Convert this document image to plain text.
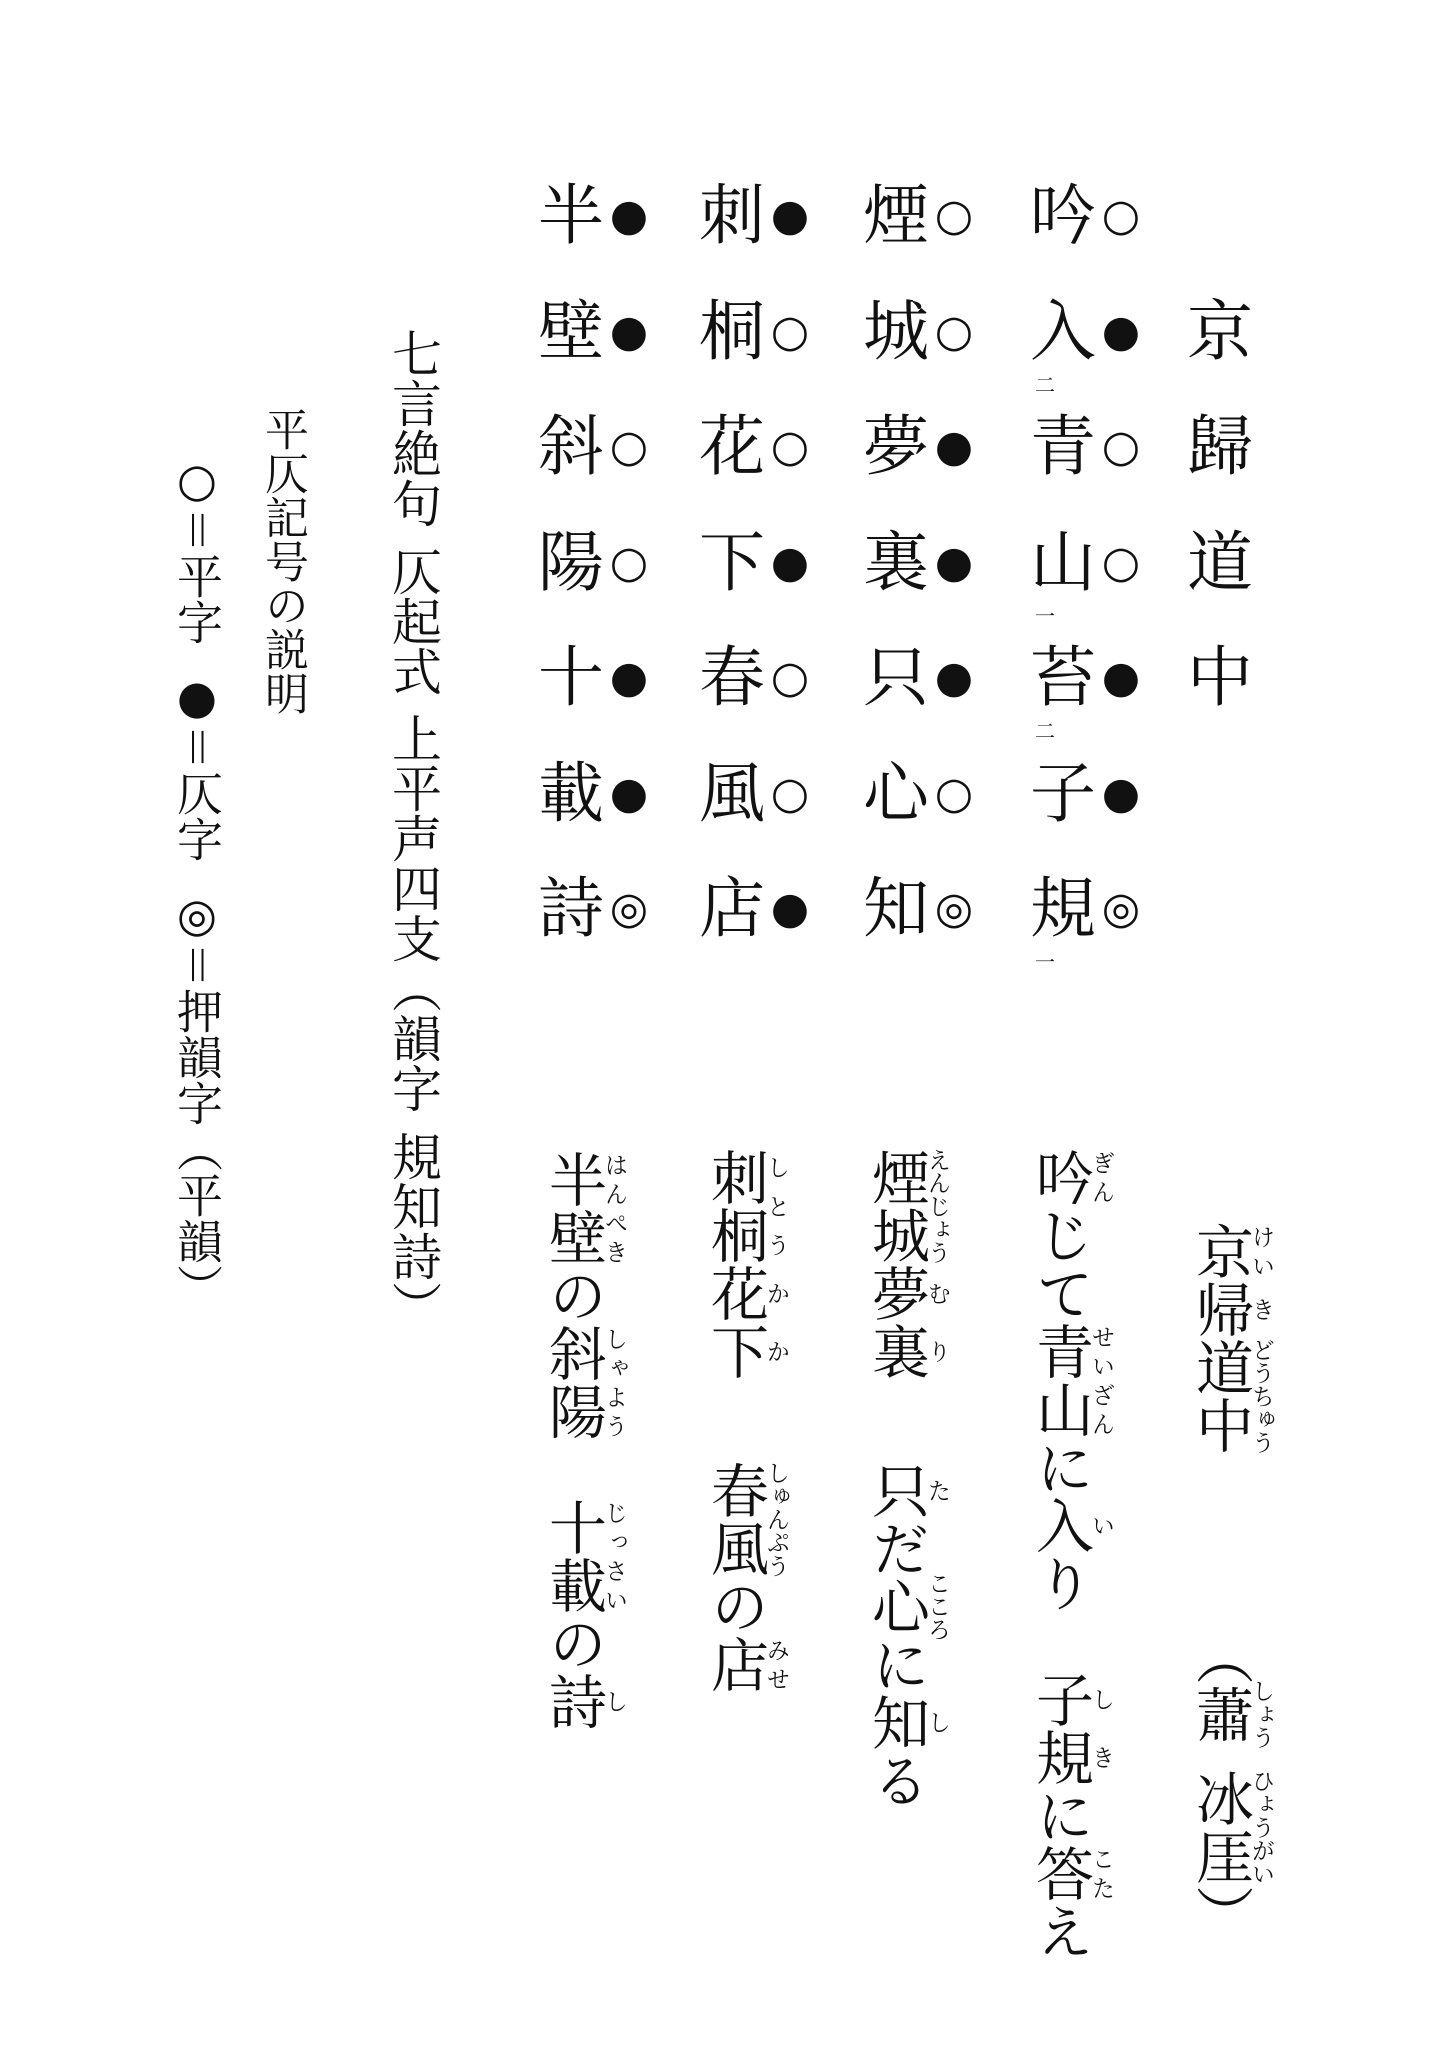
京
歸
道
中
吟 ○
入 ●
二
青 ○
山 ○
一
苔 ●
二
子 ●
規 ◎
一
煙 ○
城 ○
夢 ●
裏 ●
只 ●
心 ○
知 ◎
刺 ●
桐 ○
花 ○
下 ●
春 ○
風 ○
店 ●
半 ●
壁 ●
斜 ○
陽 ○
十 ●
載 ●
詩 ◎
七言絶句仄起式上平声四支（韻字規知詩）
平仄記号の説明
○＝平字●＝仄字◎＝押韻字（平韻）	京けい帰き道中どうちゅう
（蕭しょう冰厓ひょうがい）
吟ぎんじて青山せいざんに入いり子規しきに答こたえ
煙城えんじょう夢裏むり只ただ心こころに知しる
刺桐しとう花下かか春風しゅんぷうの店みせ
半壁はんぺきの斜陽しゃよう十載じっさいの詩し
